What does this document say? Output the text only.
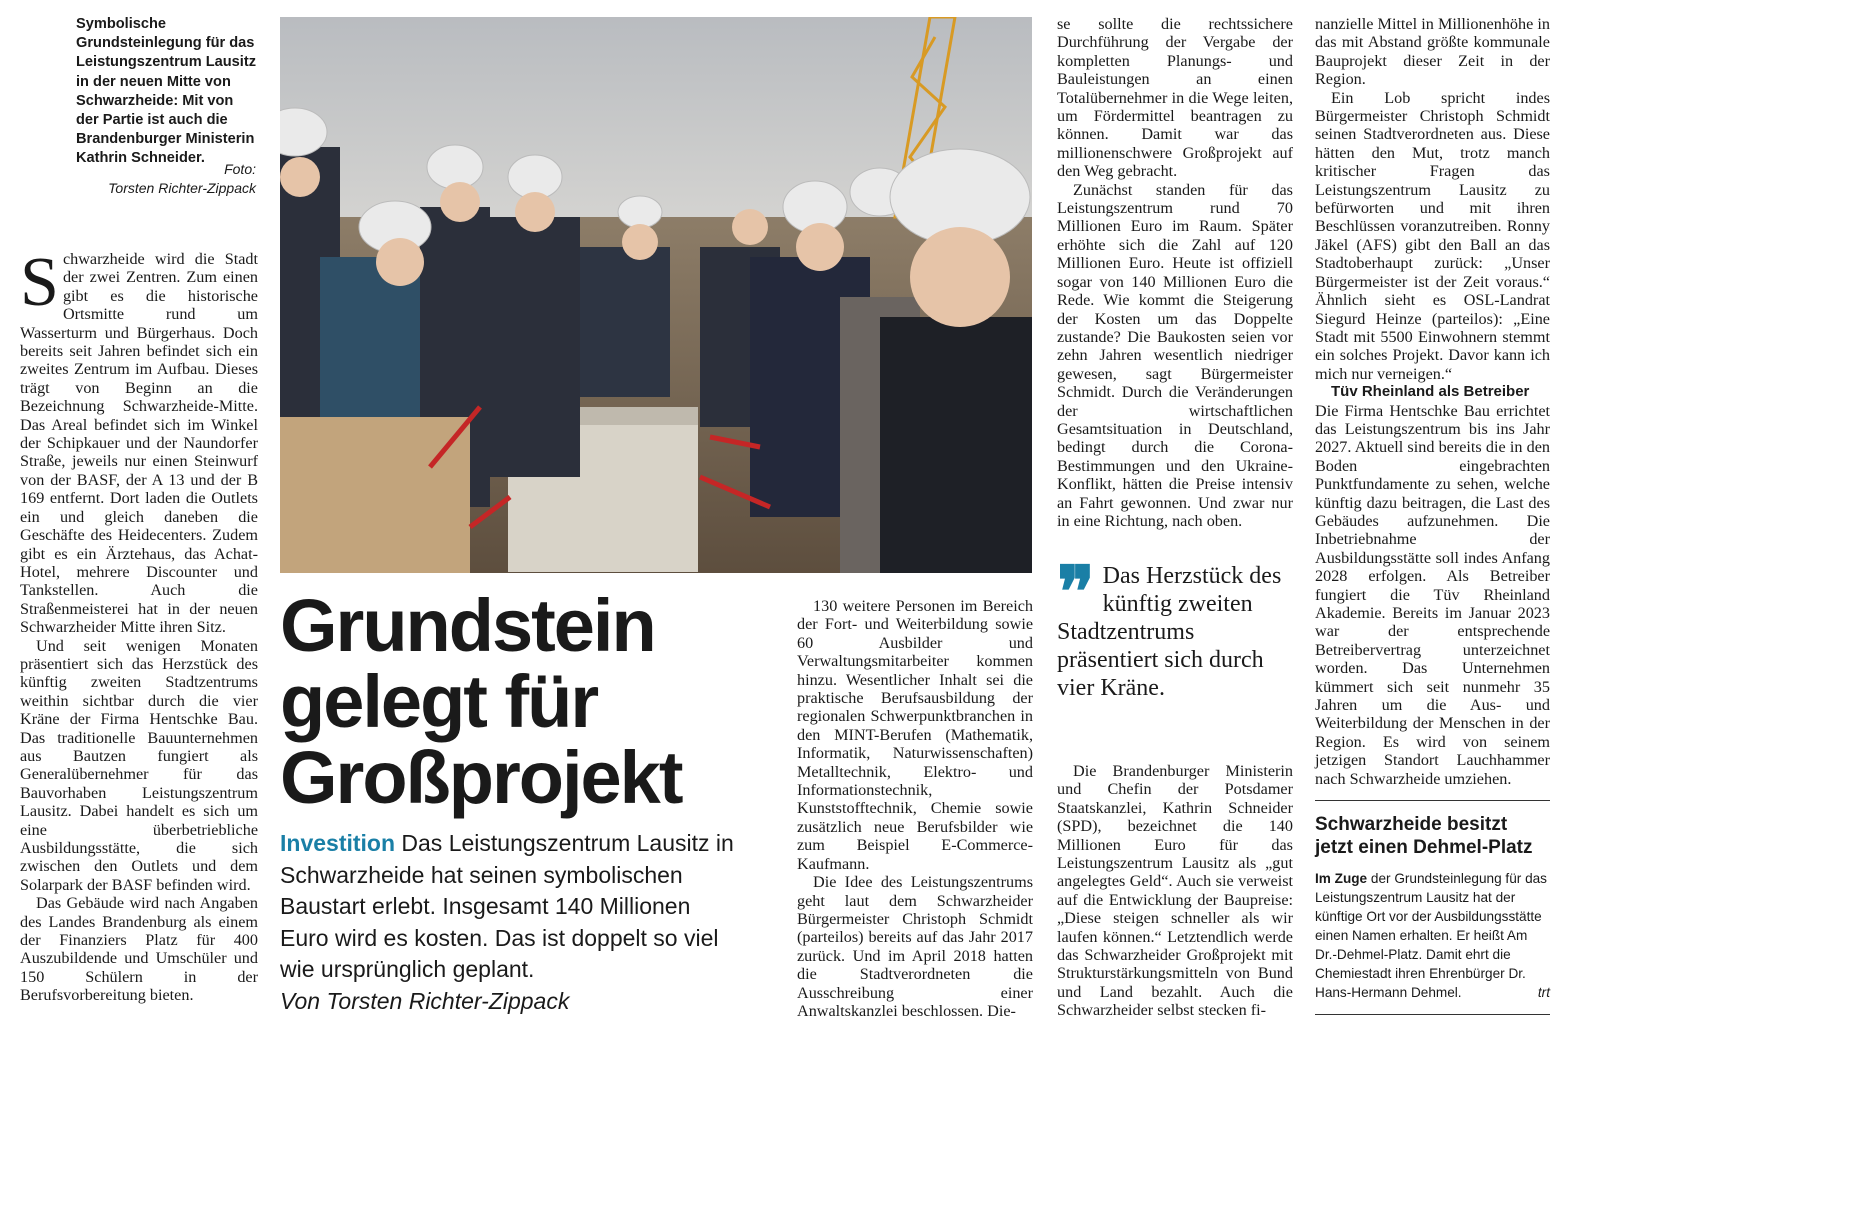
Symbolische Grundsteinlegung für das Leistungszentrum Lausitz in der neuen Mitte von Schwarzheide: Mit von der Partie ist auch die Brandenburger Ministerin Kathrin Schneider.
Foto:
Torsten Richter-Zippack
Grundstein gelegt für Großprojekt
Investition Das Leistungszentrum Lausitz in Schwarzheide hat seinen symbolischen Baustart erlebt. Insgesamt 140 Millionen Euro wird es kosten. Das ist doppelt so viel wie ursprünglich geplant.
Von Torsten Richter-Zippack

Schwarzheide wird die Stadt der zwei Zentren. Zum einen gibt es die historische Ortsmitte rund um Wasserturm und Bürgerhaus. Doch bereits seit Jahren befindet sich ein zweites Zentrum im Aufbau. Dieses trägt von Beginn an die Bezeichnung Schwarzheide-Mitte. Das Areal befindet sich im Winkel der Schipkauer und der Naundorfer Straße, jeweils nur einen Steinwurf von der BASF, der A 13 und der B 169 entfernt. Dort laden die Outlets ein und gleich daneben die Geschäfte des Heidecenters. Zudem gibt es ein Ärztehaus, das Achat-Hotel, mehrere Discounter und Tankstellen. Auch die Straßenmeisterei hat in der neuen Schwarzheider Mitte ihren Sitz.

Und seit wenigen Monaten präsentiert sich das Herzstück des künftig zweiten Stadtzentrums weithin sichtbar durch die vier Kräne der Firma Hentschke Bau. Das traditionelle Bauunternehmen aus Bautzen fungiert als Generalübernehmer für das Bauvorhaben Leistungszentrum Lausitz. Dabei handelt es sich um eine überbetriebliche Ausbildungsstätte, die sich zwischen den Outlets und dem Solarpark der BASF befinden wird.

Das Gebäude wird nach Angaben des Landes Brandenburg als einem der Finanziers Platz für 400 Auszubildende und Umschüler und 150 Schülern in der Berufsvorbereitung bieten.

130 weitere Personen im Bereich der Fort- und Weiterbildung sowie 60 Ausbilder und Verwaltungsmitarbeiter kommen hinzu. Wesentlicher Inhalt sei die praktische Berufsausbildung der regionalen Schwerpunktbranchen in den MINT-Berufen (Mathematik, Informatik, Naturwissenschaften) Metalltechnik, Elektro- und Informationstechnik, Kunststofftechnik, Chemie sowie zusätzlich neue Berufsbilder wie zum Beispiel E-Commerce-Kaufmann.

Die Idee des Leistungszentrums geht laut dem Schwarzheider Bürgermeister Christoph Schmidt (parteilos) bereits auf das Jahr 2017 zurück. Und im April 2018 hatten die Stadtverordneten die Ausschreibung einer Anwaltskanzlei beschlossen. Die-

se sollte die rechtssichere Durchführung der Vergabe der kompletten Planungs- und Bauleistungen an einen Totalübernehmer in die Wege leiten, um Fördermittel beantragen zu können. Damit war das millionenschwere Großprojekt auf den Weg gebracht.

Zunächst standen für das Leistungszentrum rund 70 Millionen Euro im Raum. Später erhöhte sich die Zahl auf 120 Millionen Euro. Heute ist offiziell sogar von 140 Millionen Euro die Rede. Wie kommt die Steigerung der Kosten um das Doppelte zustande? Die Baukosten seien vor zehn Jahren wesentlich niedriger gewesen, sagt Bürgermeister Schmidt. Durch die Veränderungen der wirtschaftlichen Gesamtsituation in Deutschland, bedingt durch die Corona-Bestimmungen und den Ukraine-Konflikt, hätten die Preise intensiv an Fahrt gewonnen. Und zwar nur in eine Richtung, nach oben.

❞ Das Herzstück des künftig zweiten Stadtzentrums präsentiert sich durch vier Kräne.

Die Brandenburger Ministerin und Chefin der Potsdamer Staatskanzlei, Kathrin Schneider (SPD), bezeichnet die 140 Millionen Euro für das Leistungszentrum Lausitz als „gut angelegtes Geld“. Auch sie verweist auf die Entwicklung der Baupreise: „Diese steigen schneller als wir laufen können.“ Letztendlich werde das Schwarzheider Großprojekt mit Strukturstärkungsmitteln von Bund und Land bezahlt. Auch die Schwarzheider selbst stecken fi-

nanzielle Mittel in Millionenhöhe in das mit Abstand größte kommunale Bauprojekt dieser Zeit in der Region.

Ein Lob spricht indes Bürgermeister Christoph Schmidt seinen Stadtverordneten aus. Diese hätten den Mut, trotz manch kritischer Fragen das Leistungszentrum Lausitz zu befürworten und mit ihren Beschlüssen voranzutreiben. Ronny Jäkel (AFS) gibt den Ball an das Stadtoberhaupt zurück: „Unser Bürgermeister ist der Zeit voraus.“ Ähnlich sieht es OSL-Landrat Siegurd Heinze (parteilos): „Eine Stadt mit 5500 Einwohnern stemmt ein solches Projekt. Davor kann ich mich nur verneigen.“

Tüv Rheinland als Betreiber

Die Firma Hentschke Bau errichtet das Leistungszentrum bis ins Jahr 2027. Aktuell sind bereits die in den Boden eingebrachten Punktfundamente zu sehen, welche künftig dazu beitragen, die Last des Gebäudes aufzunehmen. Die Inbetriebnahme der Ausbildungsstätte soll indes Anfang 2028 erfolgen. Als Betreiber fungiert die Tüv Rheinland Akademie. Bereits im Januar 2023 war der entsprechende Betreibervertrag unterzeichnet worden. Das Unternehmen kümmert sich seit nunmehr 35 Jahren um die Aus- und Weiterbildung der Menschen in der Region. Es wird von seinem jetzigen Standort Lauchhammer nach Schwarzheide umziehen.

Schwarzheide besitzt jetzt einen Dehmel-Platz
Im Zuge der Grundsteinlegung für das Leistungszentrum Lausitz hat der künftige Ort vor der Ausbildungsstätte einen Namen erhalten. Er heißt Am Dr.-Dehmel-Platz. Damit ehrt die Chemiestadt ihren Ehrenbürger Dr. Hans-Hermann Dehmel.	trt
